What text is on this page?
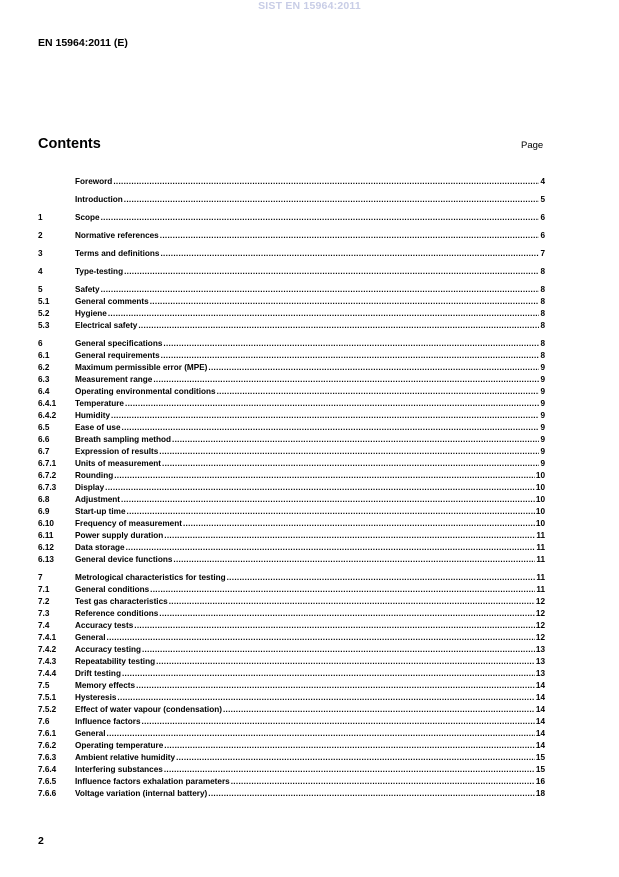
SIST EN 15964:2011
EN 15964:2011 (E)
Contents	Page
Foreword .....	4
Introduction .....	5
1	Scope .....	6
2	Normative references .....	6
3	Terms and definitions .....	7
4	Type-testing .....	8
5	Safety .....	8
5.1	General comments .....	8
5.2	Hygiene .....	8
5.3	Electrical safety .....	8
6	General specifications .....	8
6.1	General requirements .....	8
6.2	Maximum permissible error (MPE) .....	9
6.3	Measurement range .....	9
6.4	Operating environmental conditions .....	9
6.4.1	Temperature .....	9
6.4.2	Humidity .....	9
6.5	Ease of use .....	9
6.6	Breath sampling method .....	9
6.7	Expression of results .....	9
6.7.1	Units of measurement .....	9
6.7.2	Rounding .....	10
6.7.3	Display .....	10
6.8	Adjustment .....	10
6.9	Start-up time .....	10
6.10	Frequency of measurement .....	10
6.11	Power supply duration .....	11
6.12	Data storage .....	11
6.13	General device functions .....	11
7	Metrological characteristics for testing .....	11
7.1	General conditions .....	11
7.2	Test gas characteristics .....	12
7.3	Reference conditions .....	12
7.4	Accuracy tests .....	12
7.4.1	General .....	12
7.4.2	Accuracy testing .....	13
7.4.3	Repeatability testing .....	13
7.4.4	Drift testing .....	13
7.5	Memory effects .....	14
7.5.1	Hysteresis .....	14
7.5.2	Effect of water vapour (condensation) .....	14
7.6	Influence factors .....	14
7.6.1	General .....	14
7.6.2	Operating temperature .....	14
7.6.3	Ambient relative humidity .....	15
7.6.4	Interfering substances .....	15
7.6.5	Influence factors exhalation parameters .....	16
7.6.6	Voltage variation (internal battery) .....	18
2
